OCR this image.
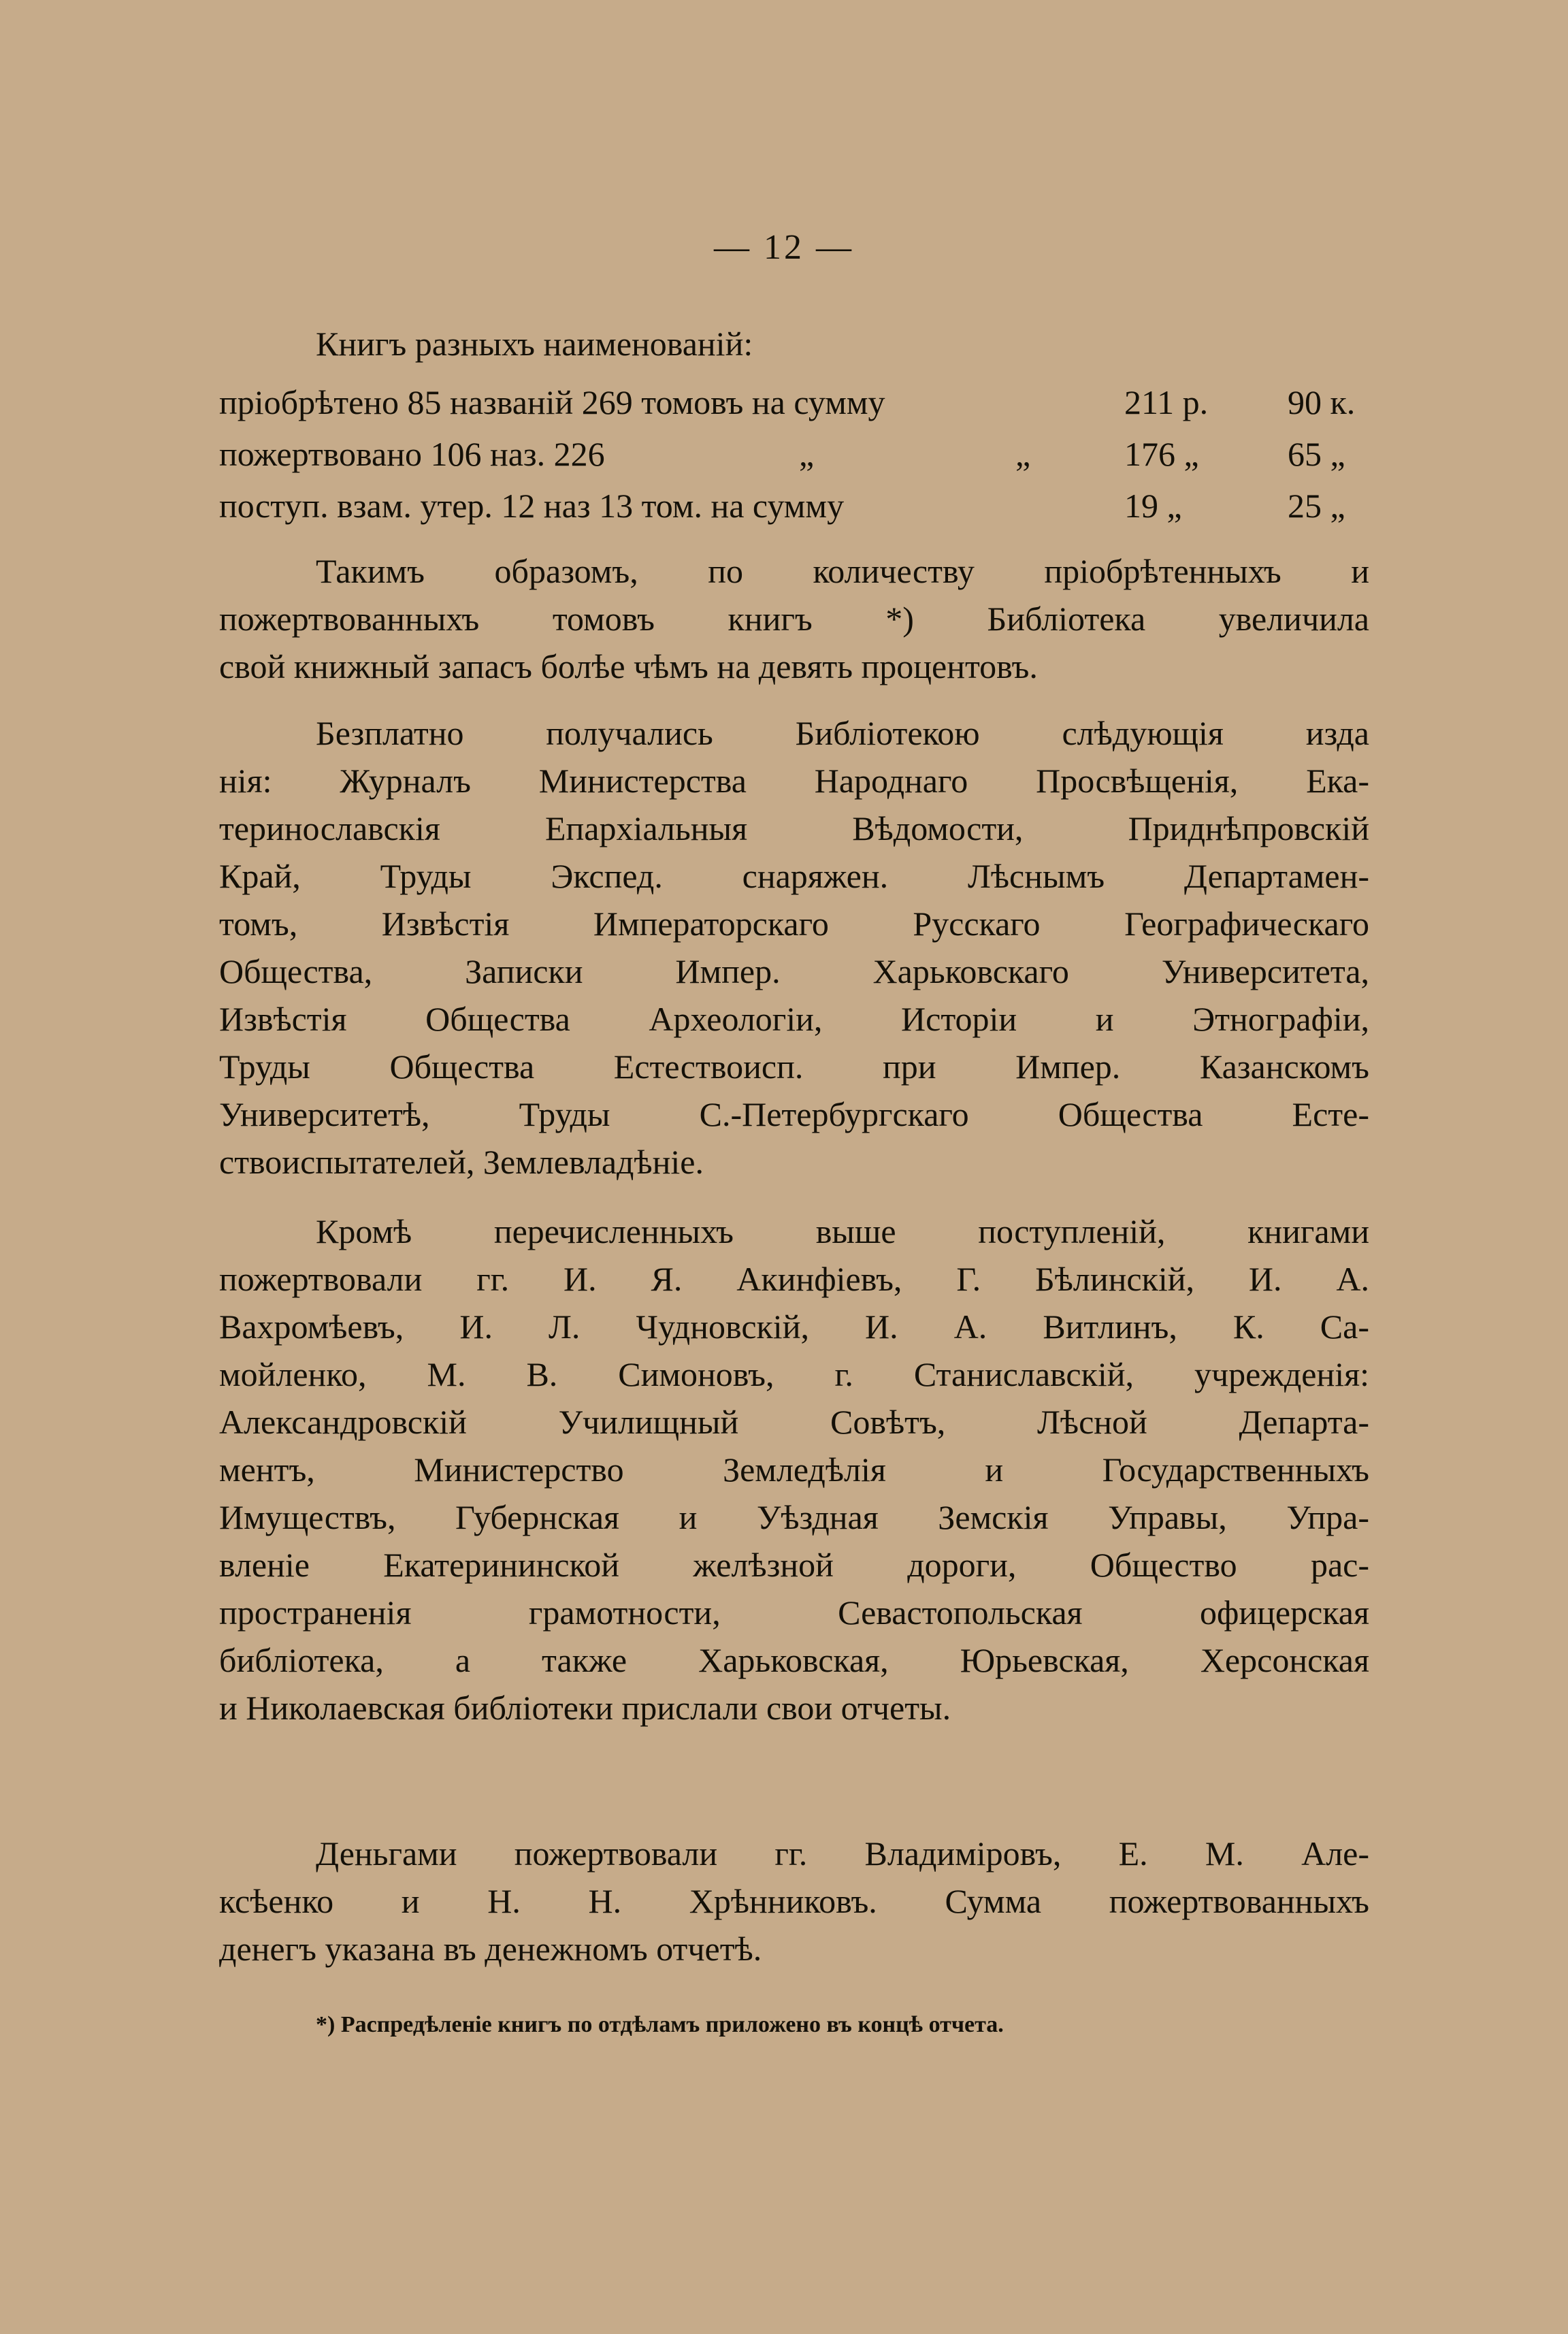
— 12 —
Книгъ разныхъ наименованій:
пріобрѣтено 85 названій 269 томовъ на сумму	211 р. 90 к.
пожертвовано 106 наз. 226	„	„	176 „	65 „
поступ. взам. утер. 12 наз 13 том. на сумму	19 „	25 „
Такимъ образомъ, по количеству пріобрѣтенныхъ и
пожертвованныхъ томовъ книгъ *) Библіотека увеличила
свой книжный запасъ болѣе чѣмъ на девять процентовъ.
Безплатно получались Библіотекою слѣдующія изда
нія: Журналъ Министерства Народнаго Просвѣщенія, Ека-
теринославскія Епархіальныя Вѣдомости, Приднѣпровскій
Край, Труды Экспед. снаряжен. Лѣснымъ Департамен-
томъ, Извѣстія Императорскаго Русскаго Географическаго
Общества, Записки Импер. Харьковскаго Университета,
Извѣстія Общества Археологіи, Исторіи и Этнографіи,
Труды Общества Естествоисп. при Импер. Казанскомъ
Университетѣ, Труды С.-Петербургскаго Общества Есте-
ствоиспытателей, Землевладѣніе.
Кромѣ перечисленныхъ выше поступленій, книгами
пожертвовали гг. И. Я. Акинфіевъ, Г. Бѣлинскій, И. А.
Вахромѣевъ, И. Л. Чудновскій, И. А. Витлинъ, К. Са-
мойленко, М. В. Симоновъ, г. Станиславскій, учрежденія:
Александровскій Училищный Совѣтъ, Лѣсной Департа-
ментъ, Министерство Земледѣлія и Государственныхъ
Имуществъ, Губернская и Уѣздная Земскія Управы, Упра-
вленіе Екатерининской желѣзной дороги, Общество рас-
пространенія грамотности, Севастопольская офицерская
библіотека, а также Харьковская, Юрьевская, Херсонская
и Николаевская библіотеки прислали свои отчеты.
Деньгами пожертвовали гг. Владиміровъ, Е. М. Але-
ксѣенко и Н. Н. Хрѣнниковъ. Сумма пожертвованныхъ
денегъ указана въ денежномъ отчетѣ.
*) Распредѣленіе книгъ по отдѣламъ приложено въ концѣ отчета.
